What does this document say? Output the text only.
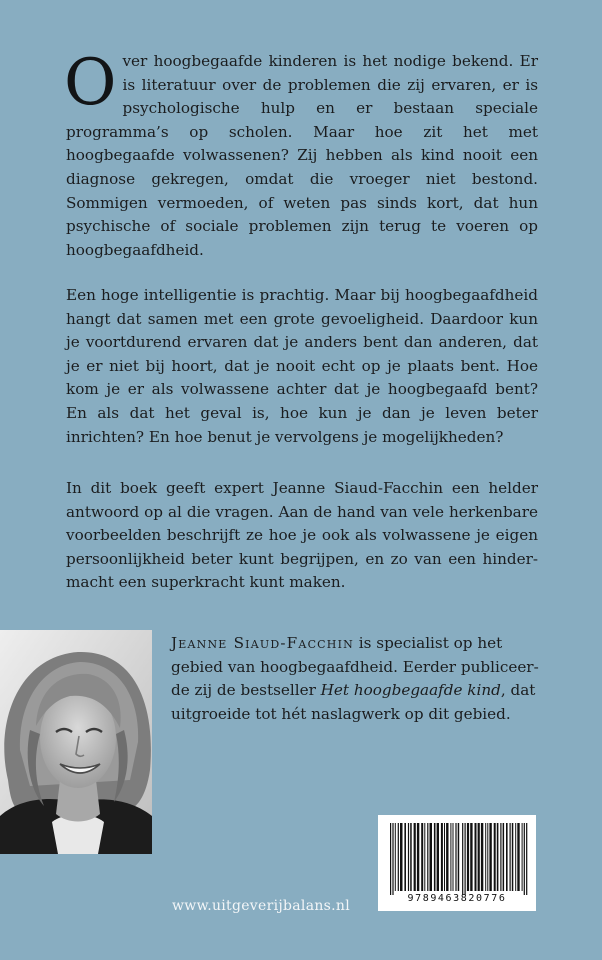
Over hoogbegaafde kinderen is het nodige bekend. Er is literatuur over de problemen die zij ervaren, er is psychologische hulp en er bestaan speciale programma’s op scholen. Maar hoe zit het met hoogbegaafde volwassenen? Zij hebben als kind nooit een diagnose gekregen, omdat die vroeger niet bestond. Sommigen vermoeden, of weten pas sinds kort, dat hun psychische of sociale problemen zijn terug te voeren op hoogbegaafdheid.

Een hoge intelligentie is prachtig. Maar bij hoogbegaafdheid hangt dat samen met een grote gevoeligheid. Daardoor kun je voortdurend ervaren dat je anders bent dan anderen, dat je er niet bij hoort, dat je nooit echt op je plaats bent. Hoe kom je er als volwassene achter dat je hoogbegaafd bent? En als dat het geval is, hoe kun je dan je leven beter inrichten? En hoe benut je vervolgens je mogelijkheden?

In dit boek geeft expert Jeanne Siaud-Facchin een helder antwoord op al die vragen. Aan de hand van vele herkenbare voorbeelden beschrijft ze hoe je ook als volwassene je eigen persoonlijkheid beter kunt begrijpen, en zo van een hindermacht een superkracht kunt maken.

Jeanne Siaud-Facchin is specialist op het gebied van hoogbegaafdheid. Eerder publiceerde zij de bestseller Het hoogbegaafde kind, dat uitgroeide tot hét naslagwerk op dit gebied.

www.uitgeverijbalans.nl	9789463820776
